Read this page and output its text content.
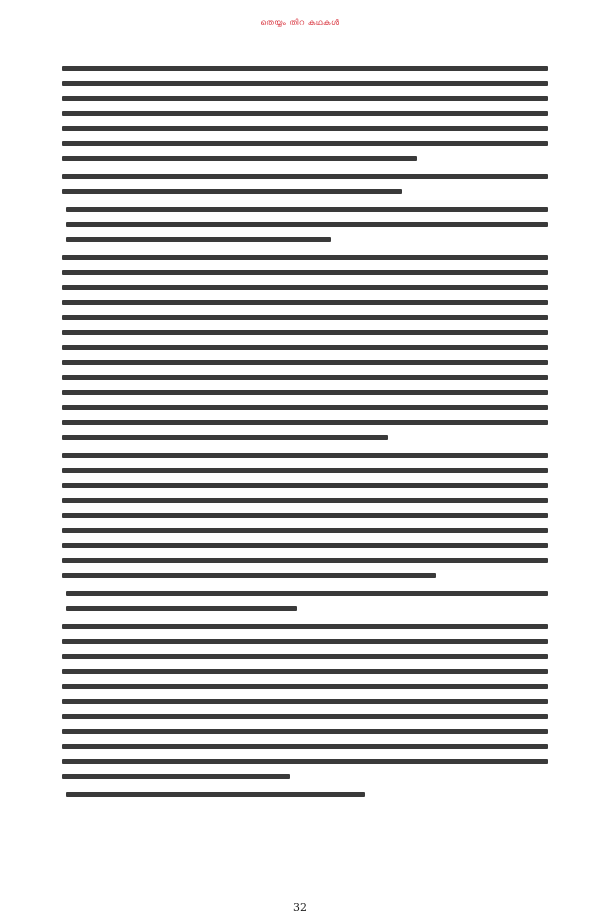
തെയ്യം തിറ കഥകൾ
32
